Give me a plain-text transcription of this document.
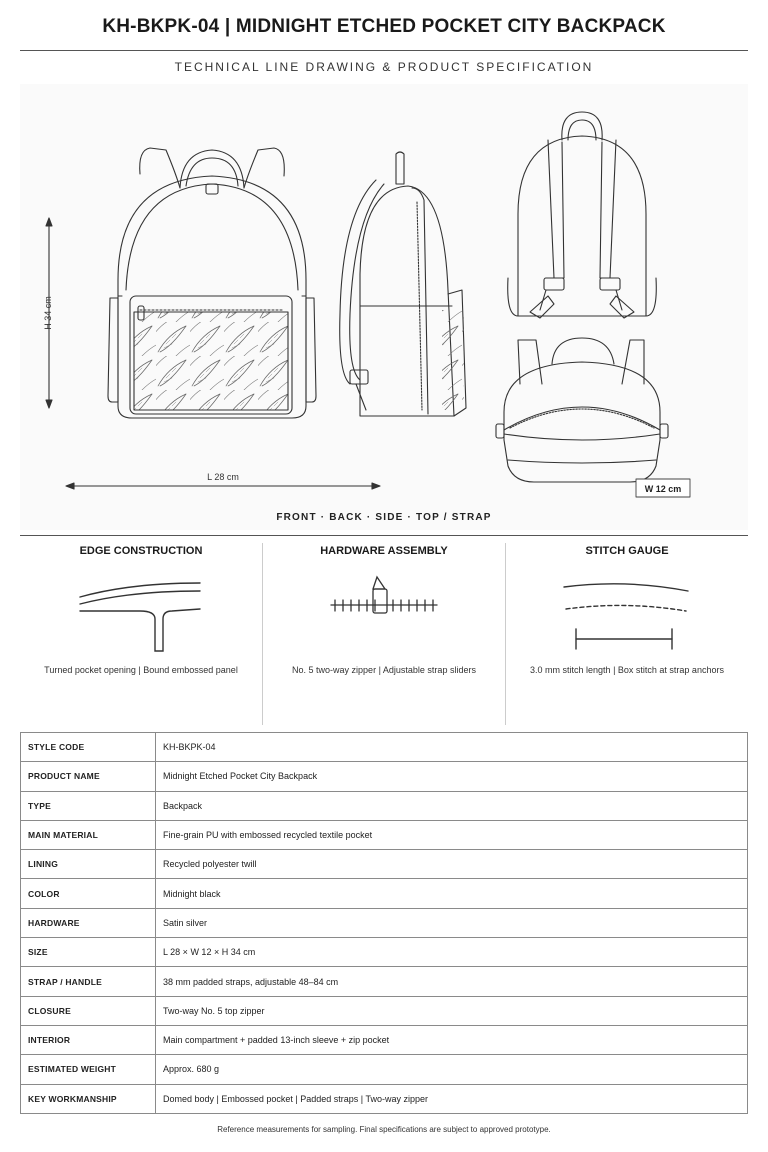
KH-BKPK-04 | MIDNIGHT ETCHED POCKET CITY BACKPACK
TECHNICAL LINE DRAWING & PRODUCT SPECIFICATION
H 34 cm
L 28 cm
W 12 cm
FRONT · BACK · SIDE · TOP / STRAP
EDGE CONSTRUCTION
Turned pocket opening | Bound embossed panel
HARDWARE ASSEMBLY
No. 5 two-way zipper | Adjustable strap sliders
STITCH GAUGE
3.0 mm stitch length | Box stitch at strap anchors
STYLE CODE	KH-BKPK-04
PRODUCT NAME	Midnight Etched Pocket City Backpack
TYPE	Backpack
MAIN MATERIAL	Fine-grain PU with embossed recycled textile pocket
LINING	Recycled polyester twill
COLOR	Midnight black
HARDWARE	Satin silver
SIZE	L 28 × W 12 × H 34 cm
STRAP / HANDLE	38 mm padded straps, adjustable 48–84 cm
CLOSURE	Two-way No. 5 top zipper
INTERIOR	Main compartment + padded 13-inch sleeve + zip pocket
ESTIMATED WEIGHT	Approx. 680 g
KEY WORKMANSHIP	Domed body | Embossed pocket | Padded straps | Two-way zipper
Reference measurements for sampling. Final specifications are subject to approved prototype.
